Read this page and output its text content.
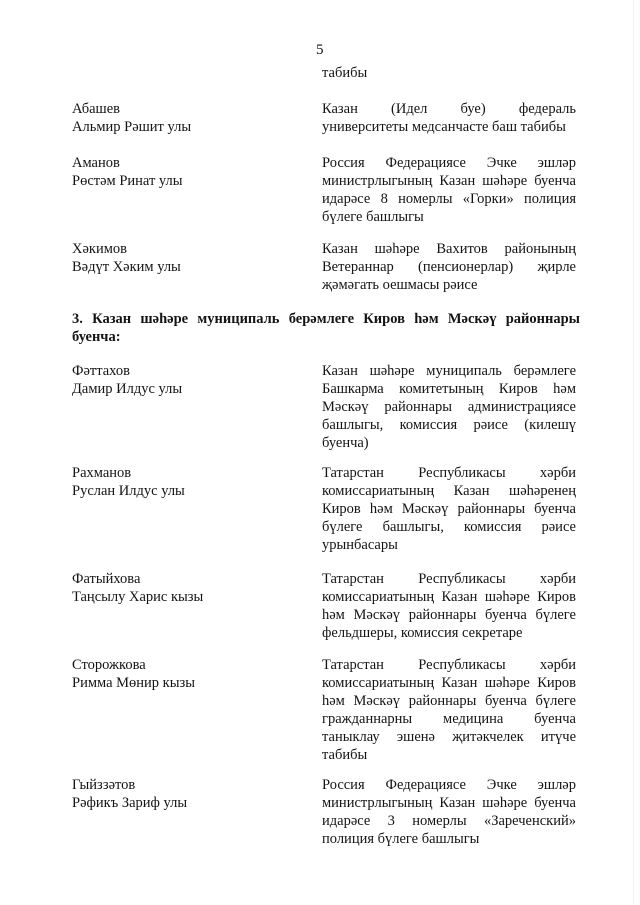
5
табибы
Абашев
Альмир Рәшит улы
Казан (Идел буе) федераль университеты медсанчасте баш табибы
Аманов
Рөстәм Ринат улы
Россия Федерациясе Эчке эшләр министрлыгының Казан шәһәре буенча идарәсе 8 номерлы «Горки» полиция бүлеге башлыгы
Хәкимов
Вәдүт Хәким улы
Казан шәһәре Вахитов районының Ветераннар (пенсионерлар) җирле җәмәгать оешмасы рәисе
3. Казан шәһәре муниципаль берәмлеге Киров һәм Мәскәү районнары буенча:
Фәттахов
Дамир Илдус улы
Казан шәһәре муниципаль берәмлеге Башкарма комитетының Киров һәм Мәскәү районнары администрациясе башлыгы, комиссия рәисе (килешү буенча)
Рахманов
Руслан Илдус улы
Татарстан Республикасы хәрби комиссариатының Казан шәһәренең Киров һәм Мәскәү районнары буенча бүлеге башлыгы, комиссия рәисе урынбасары
Фатыйхова
Таңсылу Харис кызы
Татарстан Республикасы хәрби комиссариатының Казан шәһәре Киров һәм Мәскәү районнары буенча бүлеге фельдшеры, комиссия секретаре
Сторожкова
Римма Мөнир кызы
Татарстан Республикасы хәрби комиссариатының Казан шәһәре Киров һәм Мәскәү районнары буенча бүлеге гражданнарны медицина буенча таныклау эшенә җитәкчелек итүче табибы
Гыйззәтов
Рәфикъ Зариф улы
Россия Федерациясе Эчке эшләр министрлыгының Казан шәһәре буенча идарәсе 3 номерлы «Зареченский» полиция бүлеге башлыгы
